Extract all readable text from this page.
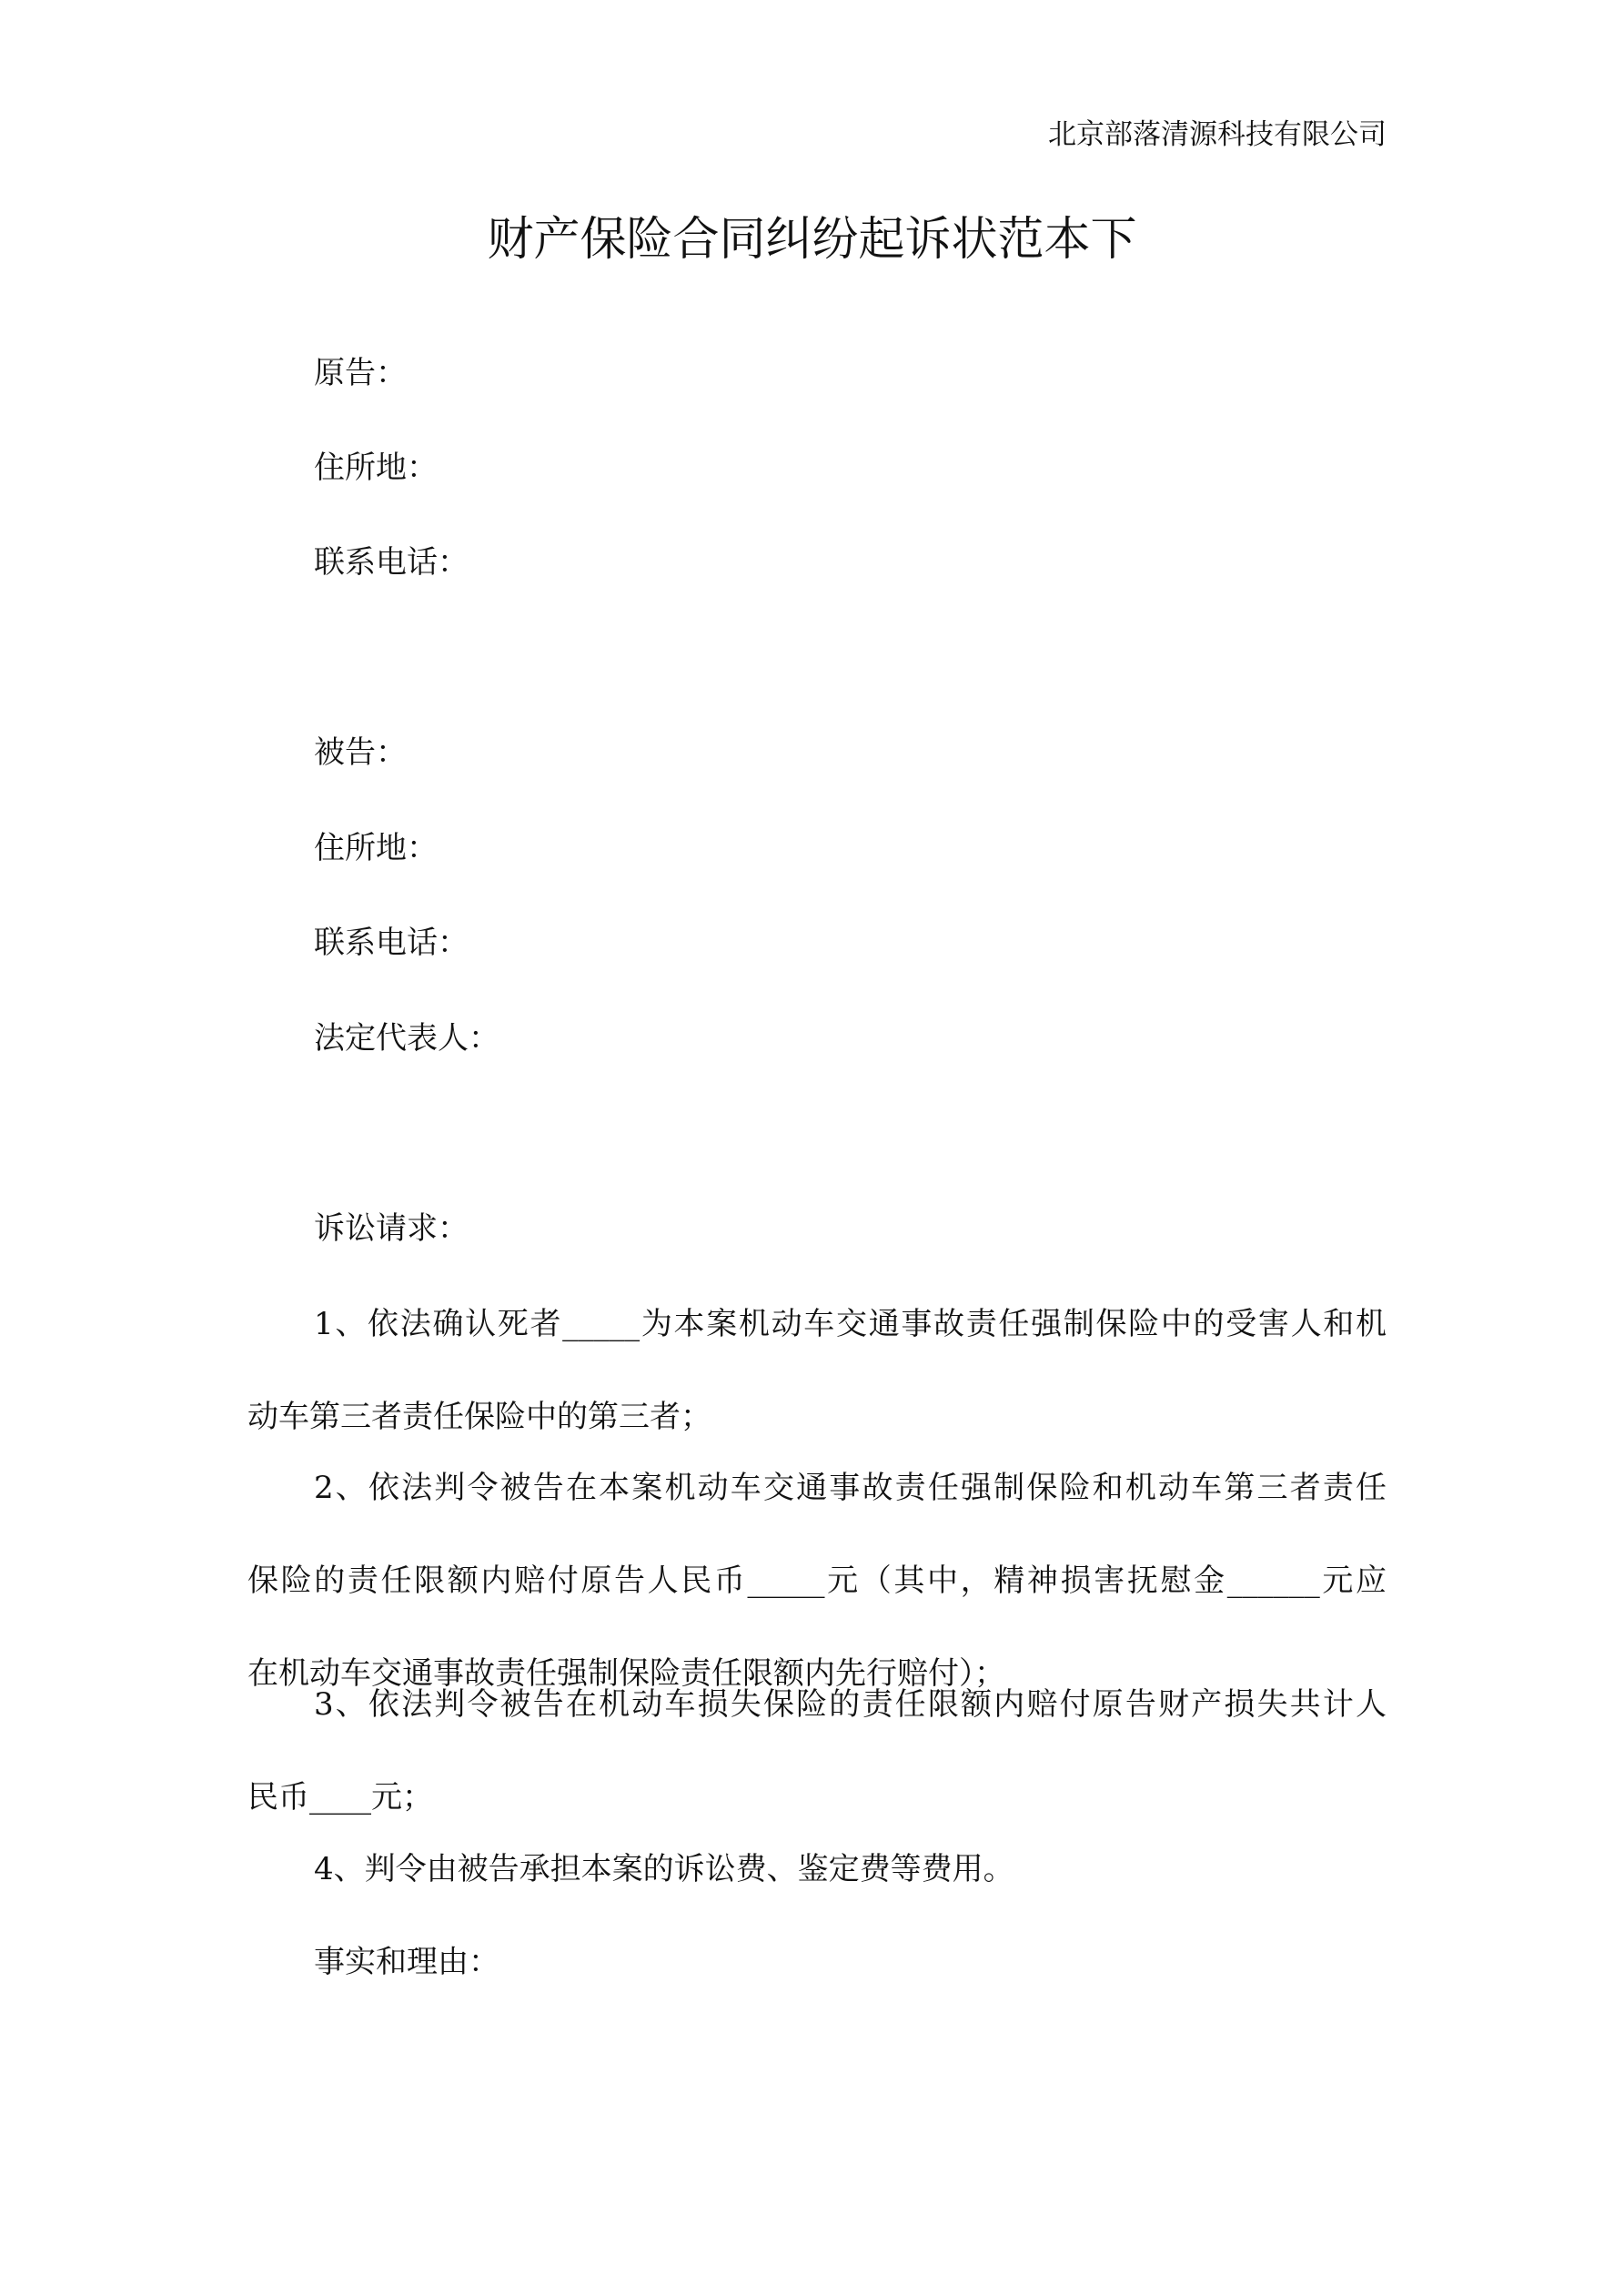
北京部落清源科技有限公司
财产保险合同纠纷起诉状范本下
原告：
住所地：
联系电话：
被告：
住所地：
联系电话：
法定代表人：
诉讼请求：
1、依法确认死者_____为本案机动车交通事故责任强制保险中的受害人和机
动车第三者责任保险中的第三者；
2、依法判令被告在本案机动车交通事故责任强制保险和机动车第三者责任
保险的责任限额内赔付原告人民币_____元（其中，精神损害抚慰金______元应
在机动车交通事故责任强制保险责任限额内先行赔付）；
3、依法判令被告在机动车损失保险的责任限额内赔付原告财产损失共计人
民币____元；
4、判令由被告承担本案的诉讼费、鉴定费等费用。
事实和理由：
